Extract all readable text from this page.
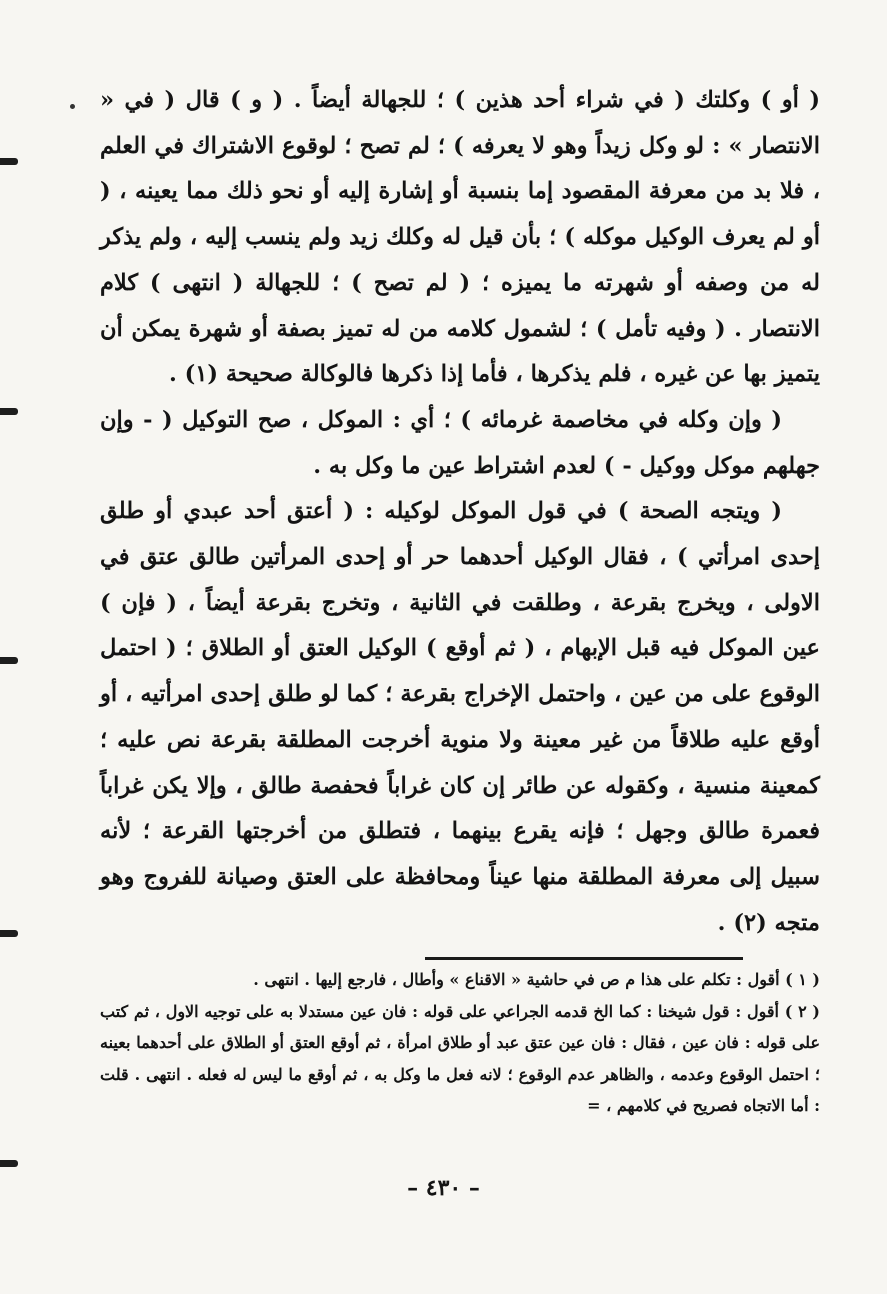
( أو ) وكلتك ( في شراء أحد هذين ) ؛ للجهالة أيضاً . ( و ) قال ( في « الانتصار » : لو وكل زيداً وهو لا يعرفه ) ؛ لم تصح ؛ لوقوع الاشتراك في العلم ، فلا بد من معرفة المقصود إما بنسبة أو إشارة إليه أو نحو ذلك مما يعينه ، ( أو لم يعرف الوكيل موكله ) ؛ بأن قيل له وكلك زيد ولم ينسب إليه ، ولم يذكر له من وصفه أو شهرته ما يميزه ؛ ( لم تصح ) ؛ للجهالة ( انتهى ) كلام الانتصار . ( وفيه تأمل ) ؛ لشمول كلامه من له تميز بصفة أو شهرة يمكن أن يتميز بها عن غيره ، فلم يذكرها ، فأما إذا ذكرها فالوكالة صحيحة (١) .

( وإن وكله في مخاصمة غرمائه ) ؛ أي : الموكل ، صح التوكيل ( - وإن جهلهم موكل ووكيل - ) لعدم اشتراط عين ما وكل به .

( ويتجه الصحة ) في قول الموكل لوكيله : ( أعتق أحد عبدي أو طلق إحدى امرأتي ) ، فقال الوكيل أحدهما حر أو إحدى المرأتين طالق عتق في الاولى ، ويخرج بقرعة ، وطلقت في الثانية ، وتخرج بقرعة أيضاً ، ( فإن ) عين الموكل فيه قبل الإبهام ، ( ثم أوقع ) الوكيل العتق أو الطلاق ؛ ( احتمل الوقوع على من عين ، واحتمل الإخراج بقرعة ؛ كما لو طلق إحدى امرأتيه ، أو أوقع عليه طلاقاً من غير معينة ولا منوية أخرجت المطلقة بقرعة نص عليه ؛ كمعينة منسية ، وكقوله عن طائر إن كان غراباً فحفصة طالق ، وإلا يكن غراباً فعمرة طالق وجهل ؛ فإنه يقرع بينهما ، فتطلق من أخرجتها القرعة ؛ لأنه سبيل إلى معرفة المطلقة منها عيناً ومحافظة على العتق وصيانة للفروج وهو متجه (٢) .

( ١ ) أقول : تكلم على هذا م ص في حاشية « الاقناع » وأطال ، فارجع إليها . انتهى .

( ٢ ) أقول : قول شيخنا : كما الخ قدمه الجراعي على قوله : فان عين مستدلا به على توجيه الاول ، ثم كتب على قوله : فان عين ، فقال : فان عين عتق عبد أو طلاق امرأة ، ثم أوقع العتق أو الطلاق على أحدهما بعينه ؛ احتمل الوقوع وعدمه ، والظاهر عدم الوقوع ؛ لانه فعل ما وكل به ، ثم أوقع ما ليس له فعله . انتهى . قلت : أما الاتجاه فصريح في كلامهم ، =

– ٤٣٠ –
